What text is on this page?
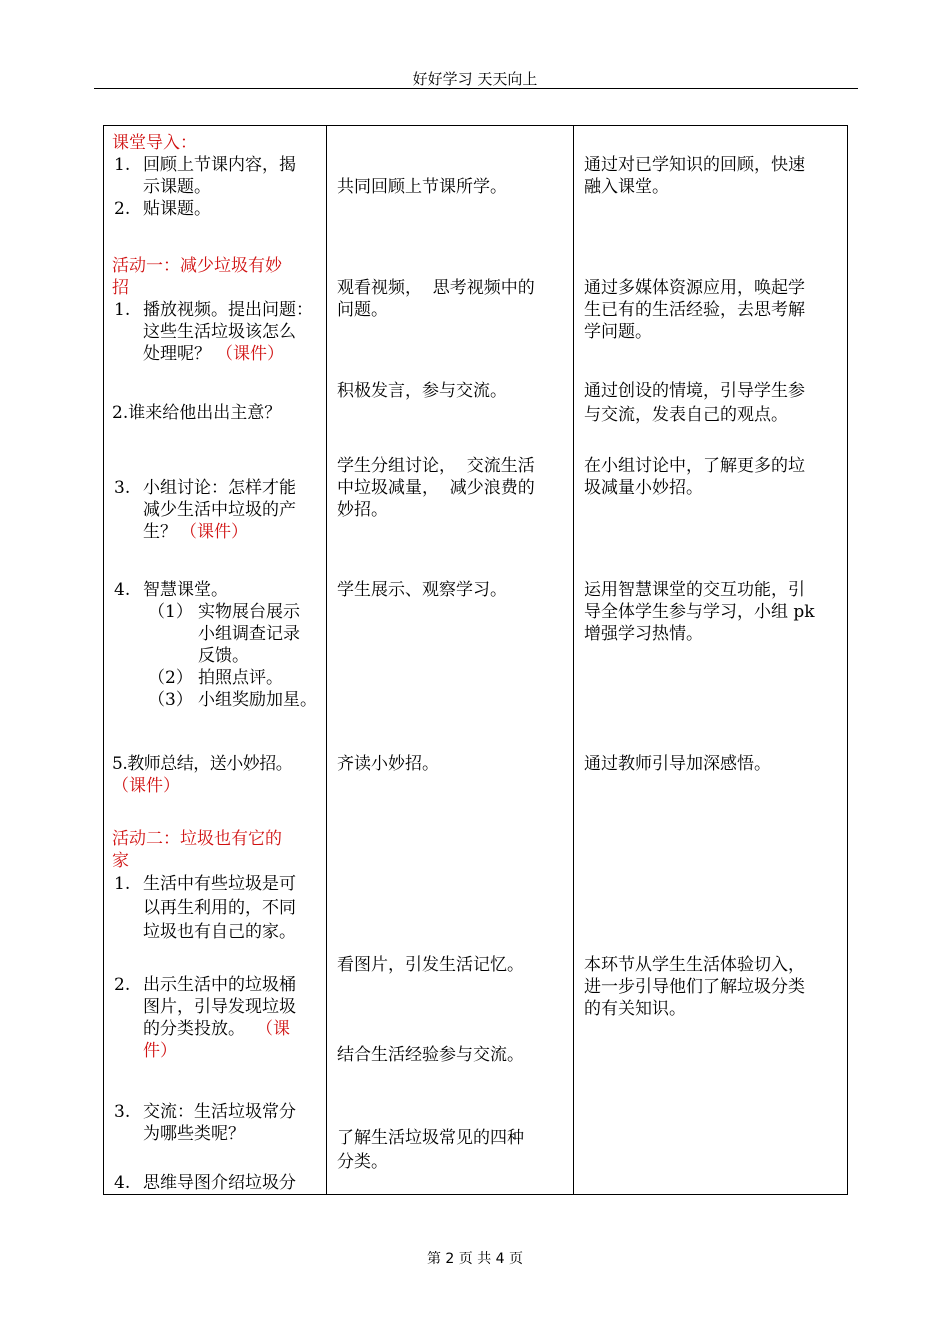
好好学习 天天向上
课堂导入：
1. 回顾上节课内容，揭
示课题。
2. 贴课题。
活动一：减少垃圾有妙
招
1. 播放视频。提出问题：
这些生活垃圾该怎么
处理呢？ （课件）
2.谁来给他出出主意？
3. 小组讨论：怎样才能
减少生活中垃圾的产
生？ （课件）
4. 智慧课堂。
（1） 实物展台展示
小组调查记录
反馈。
（2） 拍照点评。
（3） 小组奖励加星。
5.教师总结，送小妙招。
（课件）
活动二：垃圾也有它的
家
1. 生活中有些垃圾是可
以再生利用的，不同
垃圾也有自己的家。
2. 出示生活中的垃圾桶
图片，引导发现垃圾
的分类投放。 （课
件）
3. 交流：生活垃圾常分
为哪些类呢？
4. 思维导图介绍垃圾分
共同回顾上节课所学。
观看视频，  思考视频中的
问题。
积极发言，参与交流。
学生分组讨论，  交流生活
中垃圾减量，  减少浪费的
妙招。
学生展示、观察学习。
齐读小妙招。
看图片，引发生活记忆。
结合生活经验参与交流。
了解生活垃圾常见的四种
分类。
通过对已学知识的回顾，快速
融入课堂。
通过多媒体资源应用，唤起学
生已有的生活经验，去思考解
学问题。
通过创设的情境，引导学生参
与交流，发表自己的观点。
在小组讨论中，了解更多的垃
圾减量小妙招。
运用智慧课堂的交互功能，引
导全体学生参与学习，小组 pk
增强学习热情。
通过教师引导加深感悟。
本环节从学生生活体验切入，
进一步引导他们了解垃圾分类
的有关知识。
第 2 页 共 4 页
